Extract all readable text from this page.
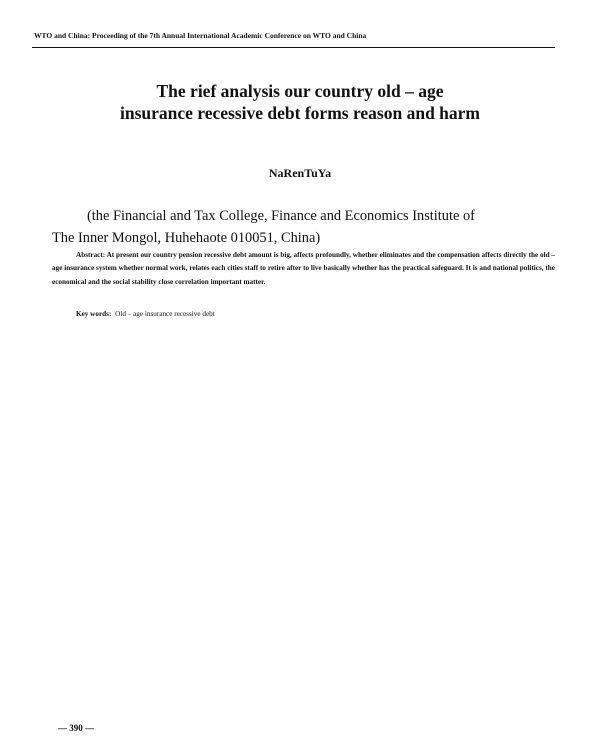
WTO and China: Proceeding of the 7th Annual International Academic Conference on WTO and China
The rief analysis our country old – age
insurance recessive debt forms reason and harm
NaRenTuYa
(the Financial and Tax College, Finance and Economics Institute of
The Inner Mongol, Huhehaote 010051, China)
Abstract: At present our country pension recessive debt amount is big, affects profoundly, whether eliminates and the compensation affects directly the old – age insurance system whether normal work, relates each cities staff to retire after to live basically whether has the practical safeguard. It is and national politics, the economical and the social stability close correlation important matter.
Key words: Old – age insurance recessive debt
— 390 —
